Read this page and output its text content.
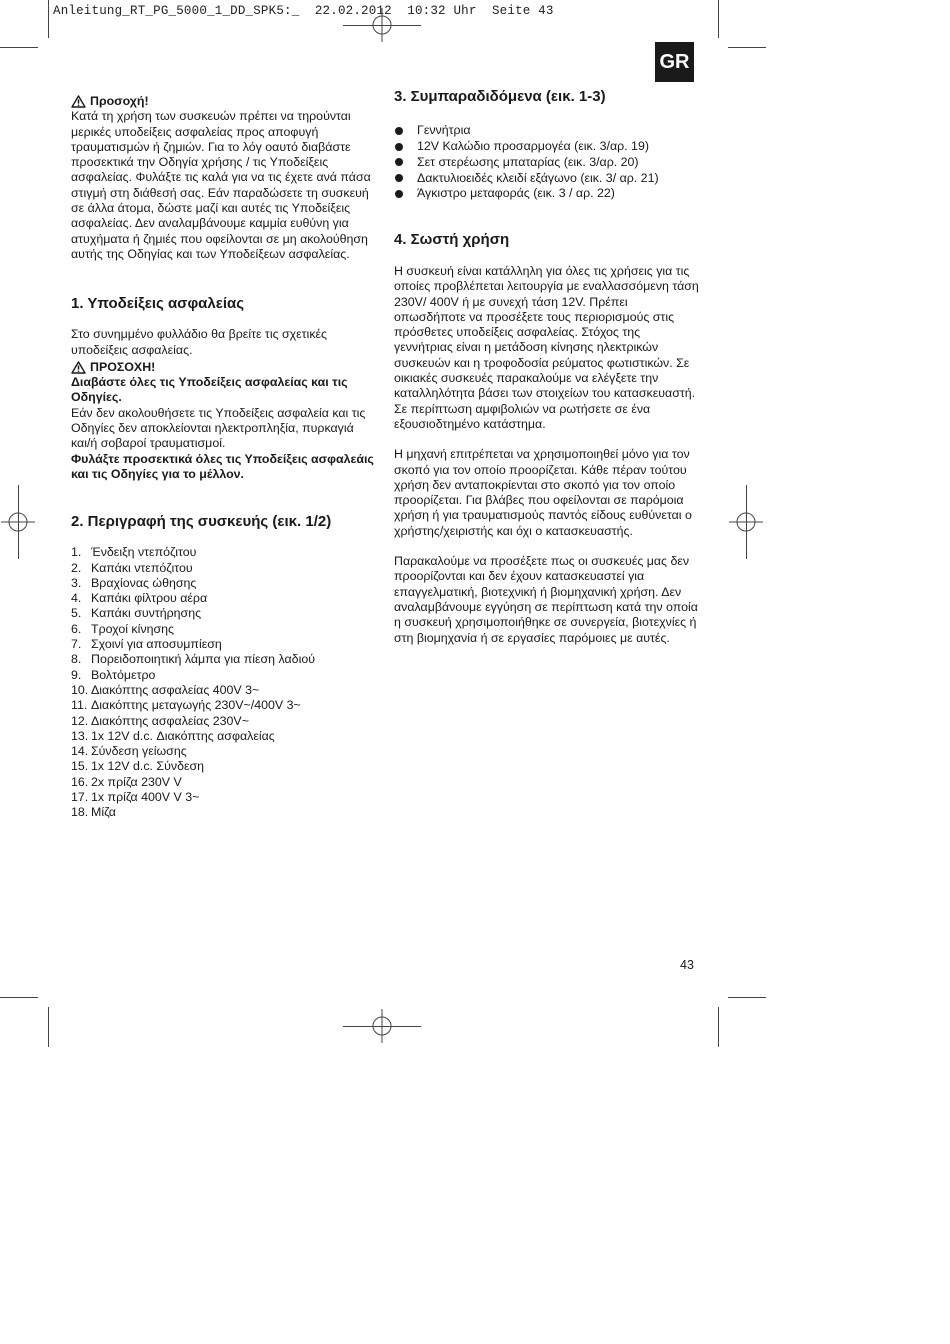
Anleitung_RT_PG_5000_1_DD_SPK5:_  22.02.2012  10:32 Uhr  Seite 43
GR
Προσοχή!

Κατά τη χρήση των συσκευών πρέπει να τηρούνται μερικές υποδείξεις ασφαλείας προς αποφυγή τραυματισμών ή ζημιών. Για το λόγ οαυτό διαβάστε προσεκτικά την Οδηγία χρήσης / τις Υποδείξεις ασφαλείας. Φυλάξτε τις καλά για να τις έχετε ανά πάσα στιγμή στη διάθεσή σας. Εάν παραδώσετε τη συσκευή σε άλλα άτομα, δώστε μαζί και αυτές τις Υποδείξεις ασφαλείας. Δεν αναλαμβάνουμε καμμία ευθύνη για ατυχήματα ή ζημιές που οφείλονται σε μη ακολούθηση αυτής της Οδηγίας και των Υποδείξεων ασφαλείας.

1. Υποδείξεις ασφαλείας

Στο συνημμένο φυλλάδιο θα βρείτε τις σχετικές υποδείξεις ασφαλείας.

ΠΡΟΣΟΧΗ!

Διαβάστε όλες τις Υποδείξεις ασφαλείας και τις Οδηγίες.

Εάν δεν ακολουθήσετε τις Υποδείξεις ασφαλεία και τις Οδηγίες δεν αποκλείονται ηλεκτροπληξία, πυρκαγιά και/ή σοβαροί τραυματισμοί.

Φυλάξτε προσεκτικά όλες τις Υποδείξεις ασφαλεάις και τις Οδηγίες για το μέλλον.

2. Περιγραφή της συσκευής (εικ. 1/2)
1. Ένδειξη ντεπόζιτου
2. Καπάκι ντεπόζιτου
3. Βραχίονας ώθησης
4. Καπάκι φίλτρου αέρα
5. Καπάκι συντήρησης
6. Τροχοί κίνησης
7. Σχοινί για αποσυμπίεση
8. Πορειδοποιητική λάμπα για πίεση λαδιού
9. Βολτόμετρο
10. Διακόπτης ασφαλείας 400V 3~
11. Διακόπτης μεταγωγής 230V~/400V 3~
12. Διακόπτης ασφαλείας 230V~
13. 1x 12V d.c. Διακόπτης ασφαλείας
14. Σύνδεση γείωσης
15. 1x 12V d.c. Σύνδεση
16. 2x πρίζα 230V V
17. 1x πρίζα 400V V 3~
18. Μίζα
3. Συμπαραδιδόμενα (εικ. 1-3)
Γεννήτρια
12V Καλώδιο προσαρμογέα (εικ. 3/αρ. 19)
Σετ στερέωσης μπαταρίας (εικ. 3/αρ. 20)
Δακτυλιοειδές κλειδί εξάγωνο (εικ. 3/ αρ. 21)
Άγκιστρο μεταφοράς (εικ. 3 / αρ. 22)
4. Σωστή χρήση

Η συσκευή είναι κατάλληλη για όλες τις χρήσεις για τις οποίες προβλέπεται λειτουργία με εναλλασσόμενη τάση 230V/ 400V ή με συνεχή τάση 12V. Πρέπει οπωσδήποτε να προσέξετε τους περιορισμούς στις πρόσθετες υποδείξεις ασφαλείας. Στόχος της γεννήτριας είναι η μετάδοση κίνησης ηλεκτρικών συσκευών και η τροφοδοσία ρεύματος φωτιστικών. Σε οικιακές συσκευές παρακαλούμε να ελέγξετε την καταλληλότητα βάσει των στοιχείων του κατασκευαστή. Σε περίπτωση αμφιβολιών να ρωτήσετε σε ένα εξουσιοδτημένο κατάστημα.

Η μηχανή επιτρέπεται να χρησιμοποιηθεί μόνο για τον σκοπό για τον οποίο προορίζεται. Κάθε πέραν τούτου χρήση δεν ανταποκρίενται στο σκοπό για τον οποίο προορίζεται. Για βλάβες που οφείλονται σε παρόμοια χρήση ή για τραυματισμούς παντός είδους ευθύνεται ο χρήστης/χειριστής και όχι ο κατασκευαστής.

Παρακαλούμε να προσέξετε πως οι συσκευές μας δεν προορίζονται και δεν έχουν κατασκευαστεί για επαγγελματική, βιοτεχνική ή βιομηχανική χρήση. Δεν αναλαμβάνουμε εγγύηση σε περίπτωση κατά την οποία η συσκευή χρησιμοποιήθηκε σε συνεργεία, βιοτεχνίες ή στη βιομηχανία ή σε εργασίες παρόμοιες με αυτές.

43
